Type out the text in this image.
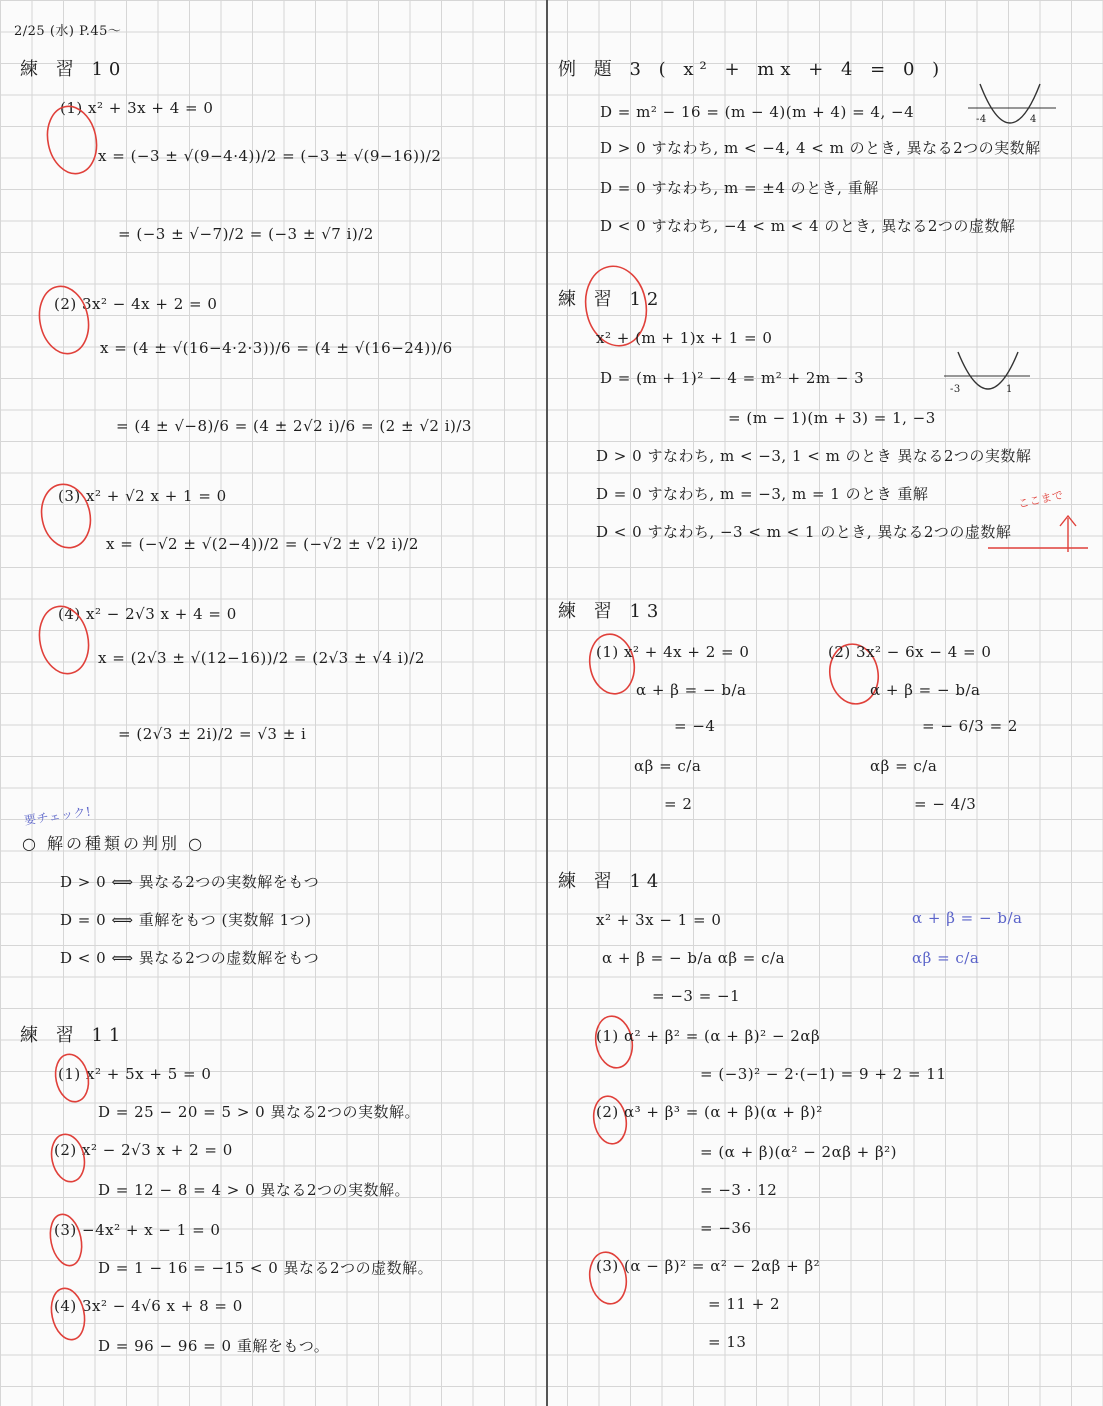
2/25 (水) P.45〜
練 習 10
(1) x² + 3x + 4 = 0
x = (−3 ± √(9−4·4))/2 = (−3 ± √(9−16))/2
= (−3 ± √−7)/2 = (−3 ± √7 i)/2
(2) 3x² − 4x + 2 = 0
x = (4 ± √(16−4·2·3))/6 = (4 ± √(16−24))/6
= (4 ± √−8)/6 = (4 ± 2√2 i)/6 = (2 ± √2 i)/3
(3) x² + √2 x + 1 = 0
x = (−√2 ± √(2−4))/2 = (−√2 ± √2 i)/2
(4) x² − 2√3 x + 4 = 0
x = (2√3 ± √(12−16))/2 = (2√3 ± √4 i)/2
= (2√3 ± 2i)/2 = √3 ± i
要チェック!
○ 解の種類の判別 ○
D > 0 ⟺ 異なる2つの実数解をもつ
D = 0 ⟺ 重解をもつ (実数解 1つ)
D < 0 ⟺ 異なる2つの虚数解をもつ
練 習 11
(1) x² + 5x + 5 = 0
D = 25 − 20 = 5 > 0 異なる2つの実数解。
(2) x² − 2√3 x + 2 = 0
D = 12 − 8 = 4 > 0 異なる2つの実数解。
(3) −4x² + x − 1 = 0
D = 1 − 16 = −15 < 0 異なる2つの虚数解。
(4) 3x² − 4√6 x + 8 = 0
D = 96 − 96 = 0 重解をもつ。
例 題 3 ( x² + mx + 4 = 0 )
D = m² − 16 = (m − 4)(m + 4) = 4, −4
D > 0 すなわち, m < −4, 4 < m のとき, 異なる2つの実数解
D = 0 すなわち, m = ±4 のとき, 重解
D < 0 すなわち, −4 < m < 4 のとき, 異なる2つの虚数解
-4	4
練 習 12
x² + (m + 1)x + 1 = 0
D = (m + 1)² − 4 = m² + 2m − 3
= (m − 1)(m + 3) = 1, −3
D > 0 すなわち, m < −3, 1 < m のとき 異なる2つの実数解
D = 0 すなわち, m = −3, m = 1 のとき 重解
D < 0 すなわち, −3 < m < 1 のとき, 異なる2つの虚数解
-3	1
ここまで
練 習 13
(1) x² + 4x + 2 = 0
α + β = − b/a
= −4
αβ = c/a
= 2
(2) 3x² − 6x − 4 = 0
α + β = − b/a
= − 6/3 = 2
αβ = c/a
= − 4/3
練 習 14
x² + 3x − 1 = 0
α + β = − b/a αβ = c/a
= −3 = −1
α + β = − b/a
αβ = c/a
(1) α² + β² = (α + β)² − 2αβ
= (−3)² − 2·(−1) = 9 + 2 = 11
(2) α³ + β³ = (α + β)(α + β)²
= (α + β)(α² − 2αβ + β²)
= −3 · 12
= −36
(3) (α − β)² = α² − 2αβ + β²
= 11 + 2
= 13
